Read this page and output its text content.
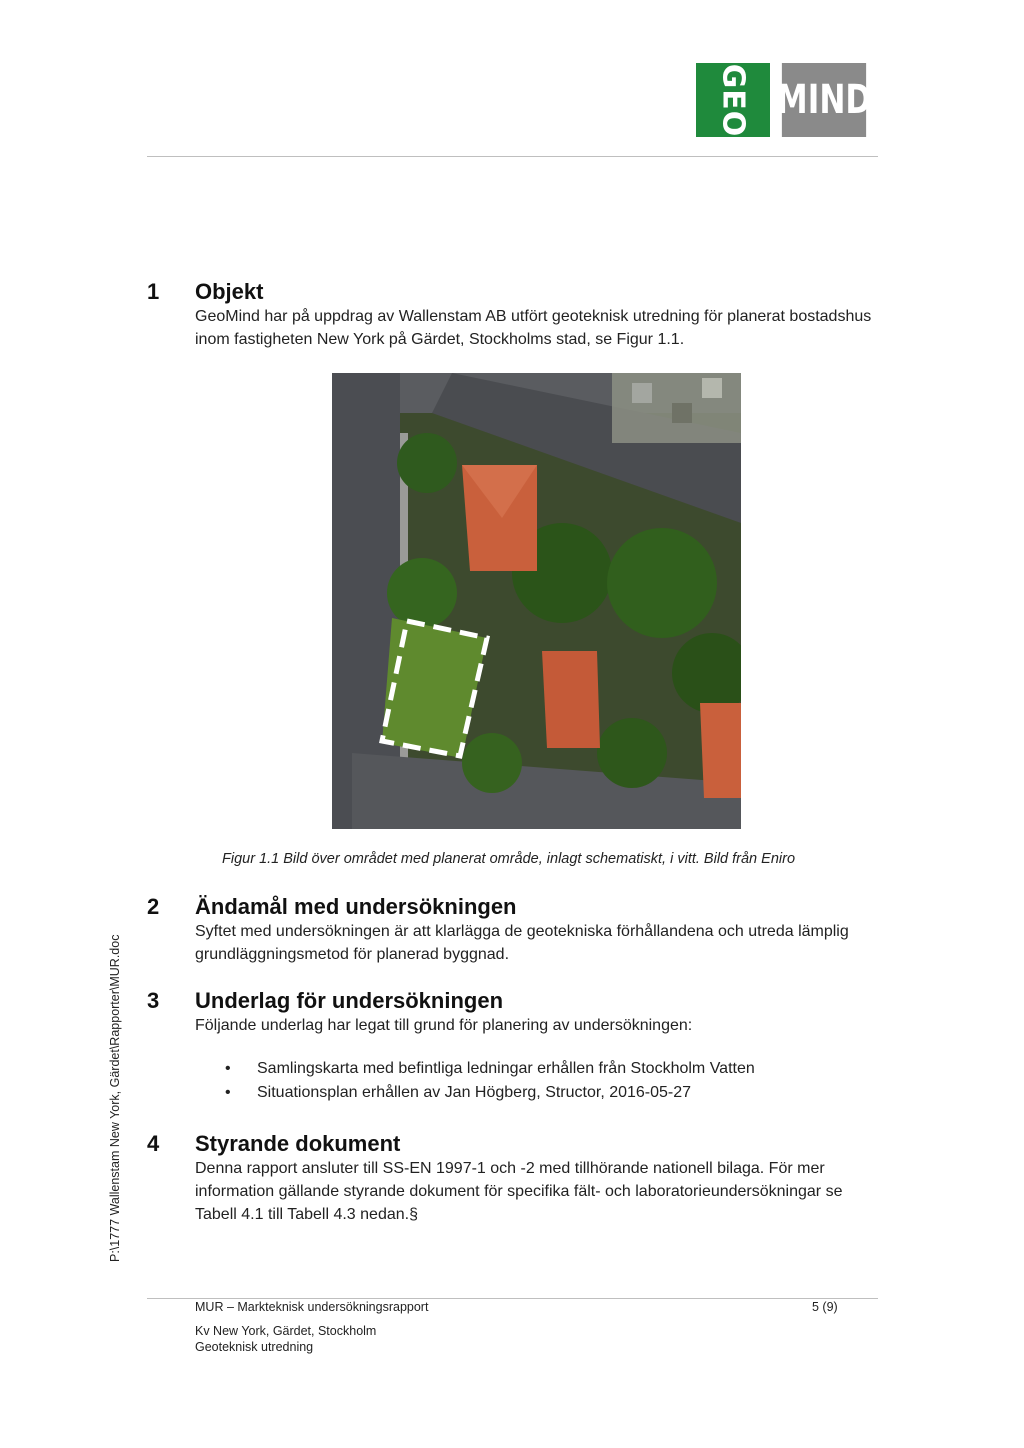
GEO MIND
1	Objekt

GeoMind har på uppdrag av Wallenstam AB utfört geoteknisk utredning för planerat bostadshus inom fastigheten New York på Gärdet, Stockholms stad, se Figur 1.1.

Figur 1.1 Bild över området med planerat område, inlagt schematiskt, i vitt. Bild från Eniro
2	Ändamål med undersökningen

Syftet med undersökningen är att klarlägga de geotekniska förhållandena och utreda lämplig grundläggningsmetod för planerad byggnad.

3	Underlag för undersökningen

Följande underlag har legat till grund för planering av undersökningen:

• Samlingskarta med befintliga ledningar erhållen från Stockholm Vatten
• Situationsplan erhållen av Jan Högberg, Structor, 2016-05-27
4	Styrande dokument

Denna rapport ansluter till SS-EN 1997-1 och -2 med tillhörande nationell bilaga. För mer information gällande styrande dokument för specifika fält- och laboratorieundersökningar se Tabell 4.1 till Tabell 4.3 nedan.§

P:\1777 Wallenstam New York, Gärdet\Rapporter\MUR.doc
MUR – Markteknisk undersökningsrapport	5 (9)
Kv New York, Gärdet, Stockholm
Geoteknisk utredning
